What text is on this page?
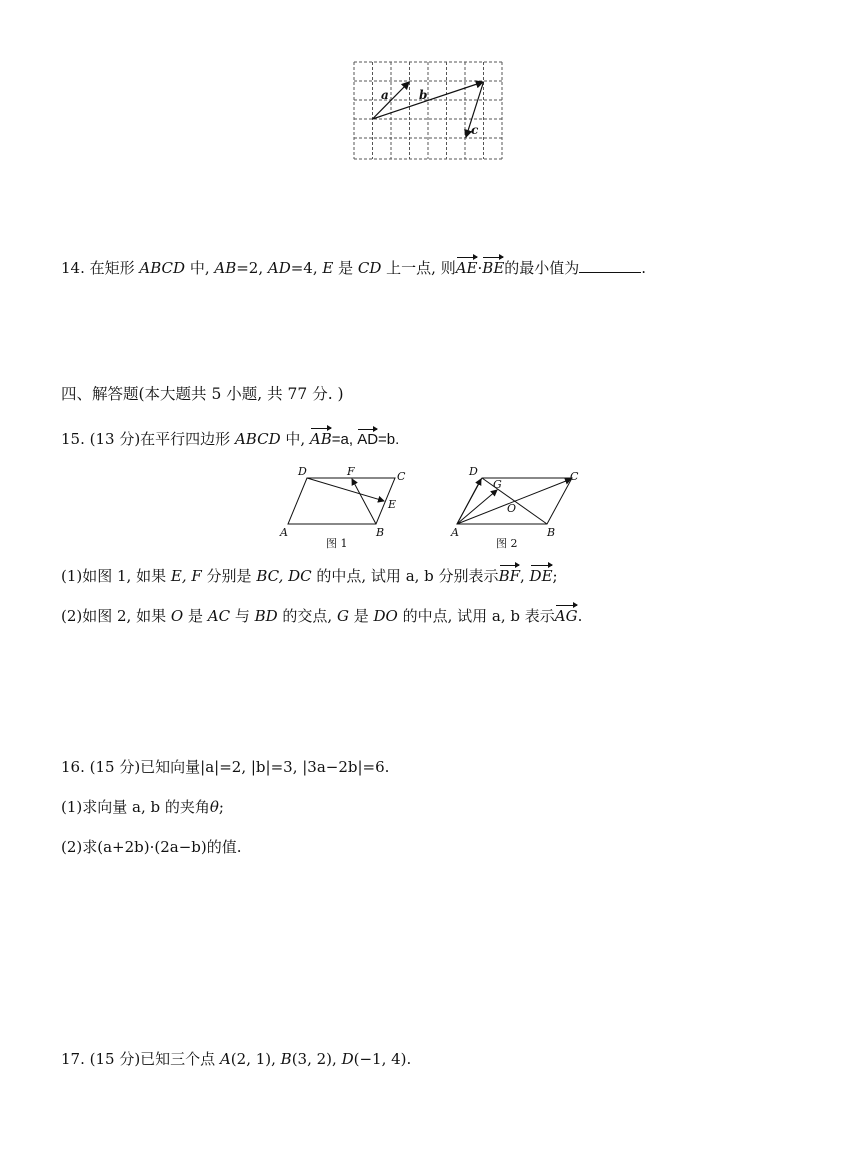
a	b
c
14. 在矩形 ABCD 中, AB=2, AD=4, E 是 CD 上一点, 则AE·BE的最小值为	.
四、解答题(本大题共 5 小题, 共 77 分. )
15. (13 分)在平行四边形 ABCD 中, AB=a, AD=b.
D	F	C
E
A	B
图 1
D
G
C
O
A	B
图 2
(1)如图 1, 如果 E, F 分别是 BC, DC 的中点, 试用 a, b 分别表示BF, DE;
(2)如图 2, 如果 O 是 AC 与 BD 的交点, G 是 DO 的中点, 试用 a, b 表示AG.
16. (15 分)已知向量|a|=2, |b|=3, |3a−2b|=6.
(1)求向量 a, b 的夹角θ;
(2)求(a+2b)·(2a−b)的值.
17. (15 分)已知三个点 A(2, 1), B(3, 2), D(−1, 4).
